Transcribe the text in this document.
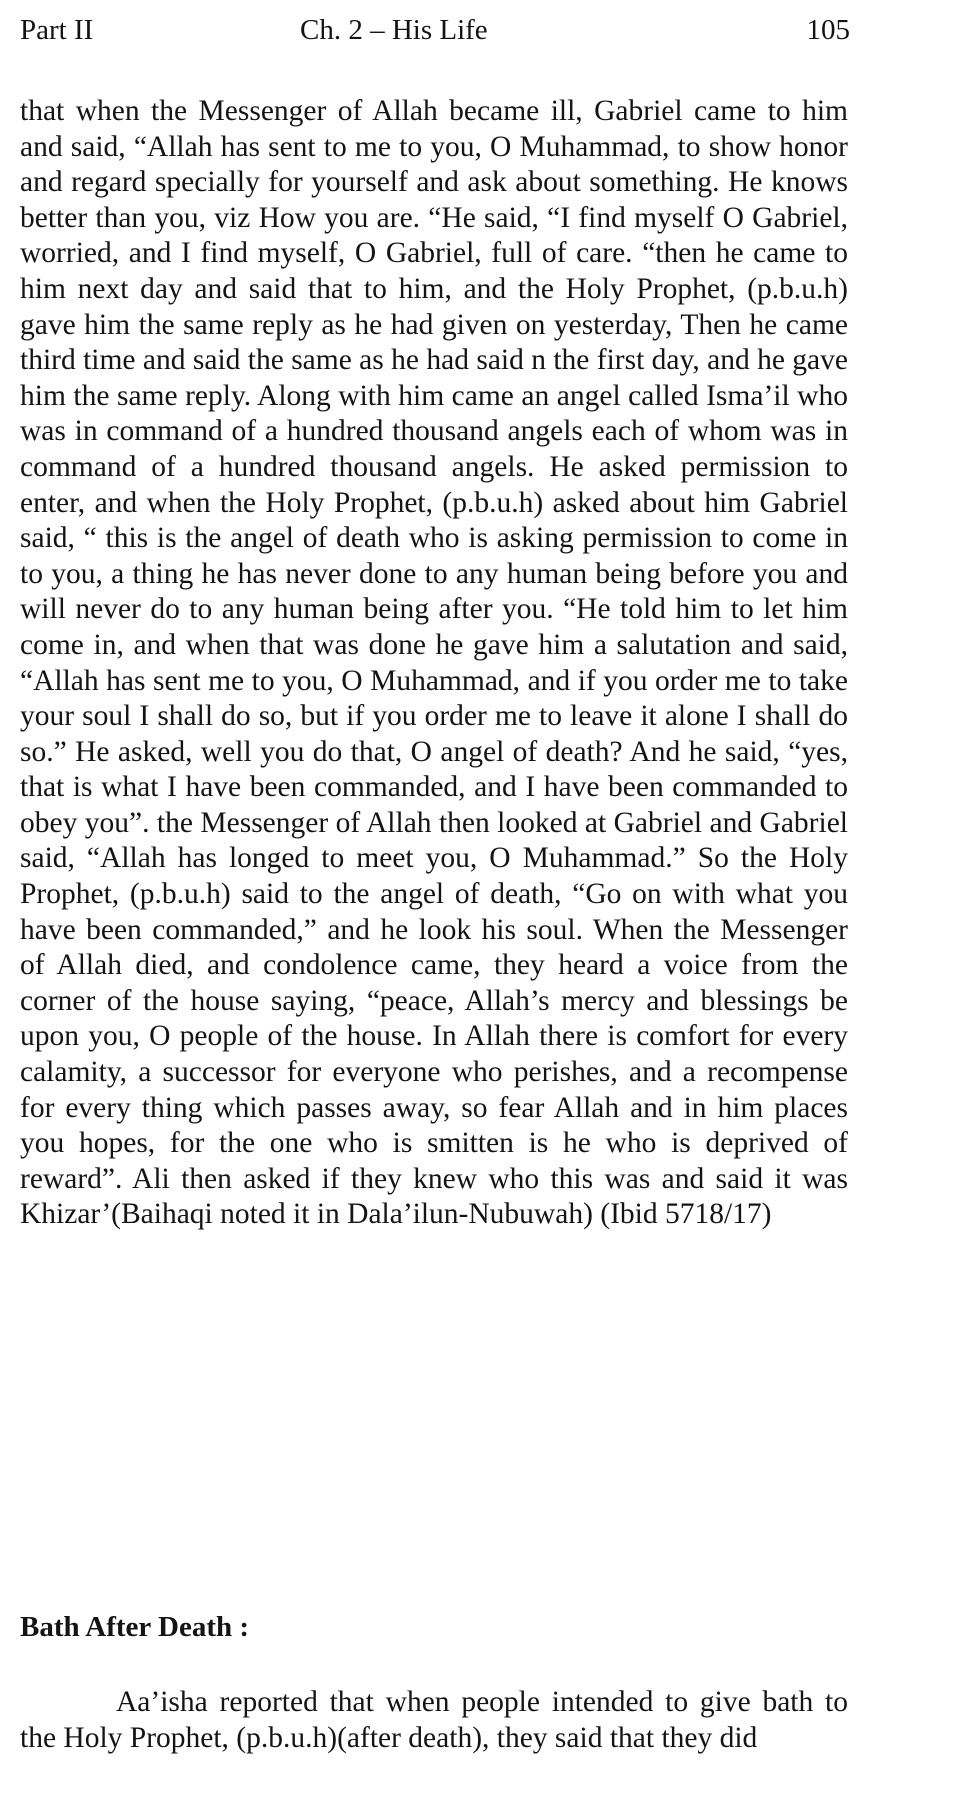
Part II	Ch. 2 – His Life	105

that when the Messenger of Allah became ill, Gabriel came to him and said, “Allah has sent to me to you, O Muhammad, to show honor and regard specially for yourself and ask about something. He knows better than you, viz How you are. “He said, “I find myself O Gabriel, worried, and I find myself, O Gabriel, full of care. “then he came to him next day and said that to him, and the Holy Prophet, (p.b.u.h) gave him the same reply as he had given on yesterday, Then he came third time and said the same as he had said n the first day, and he gave him the same reply. Along with him came an angel called Isma’il who was in command of a hundred thousand angels each of whom was in command of a hundred thousand angels. He asked permission to enter, and when the Holy Prophet, (p.b.u.h) asked about him Gabriel said, “ this is the angel of death who is asking permission to come in to you, a thing he has never done to any human being before you and will never do to any human being after you. “He told him to let him come in, and when that was done he gave him a salutation and said, “Allah has sent me to you, O Muhammad, and if you order me to take your soul I shall do so, but if you order me to leave it alone I shall do so.” He asked, well you do that, O angel of death? And he said, “yes, that is what I have been commanded, and I have been commanded to obey you”. the Messenger of Allah then looked at Gabriel and Gabriel said, “Allah has longed to meet you, O Muhammad.” So the Holy Prophet, (p.b.u.h) said to the angel of death, “Go on with what you have been commanded,” and he look his soul. When the Messenger of Allah died, and condolence came, they heard a voice from the corner of the house saying, “peace, Allah’s mercy and blessings be upon you, O people of the house. In Allah there is comfort for every calamity, a successor for everyone who perishes, and a recompense for every thing which passes away, so fear Allah and in him places you hopes, for the one who is smitten is he who is deprived of reward”. Ali then asked if they knew who this was and said it was Khizar’(Baihaqi noted it in Dala’ilun-Nubuwah) (Ibid 5718/17)

Bath After Death :

Aa’isha reported that when people intended to give bath to the Holy Prophet, (p.b.u.h)(after death), they said that they did
